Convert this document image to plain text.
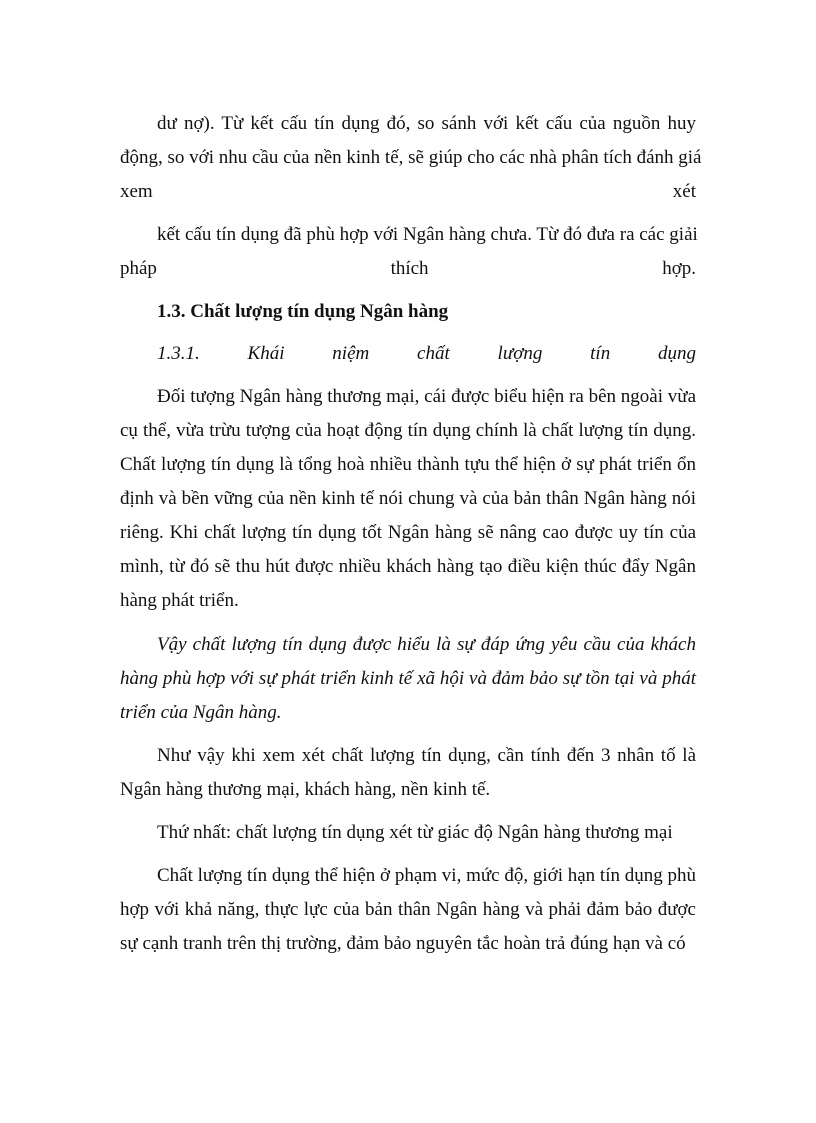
dư nợ). Từ kết cấu tín dụng đó, so sánh với kết cấu của nguồn huy
động, so với nhu cầu của nền kinh tế, sẽ giúp cho các nhà phân tích đánh giá
xem	xét
kết cấu tín dụng đã phù hợp với Ngân hàng chưa. Từ đó đưa ra các giải
pháp	thích	hợp.
1.3. Chất lượng tín dụng Ngân hàng
1.3.1.	Khái	niệm	chất	lượng	tín	dụng
Đối tượng Ngân hàng thương mại, cái được biểu hiện ra bên ngoài vừa
cụ thể, vừa trừu tượng của hoạt động tín dụng chính là chất lượng tín dụng.
Chất lượng tín dụng là tổng hoà nhiều thành tựu thể hiện ở sự phát triển ổn
định và bền vững của nền kinh tế nói chung và của bản thân Ngân hàng nói
riêng. Khi chất lượng tín dụng tốt Ngân hàng sẽ nâng cao được uy tín của
mình, từ đó sẽ thu hút được nhiều khách hàng tạo điều kiện thúc đẩy Ngân
hàng phát triển.
Vậy chất lượng tín dụng được hiểu là sự đáp ứng yêu cầu của khách
hàng phù hợp với sự phát triển kinh tế xã hội và đảm bảo sự tồn tại và phát
triển của Ngân hàng.
Như vậy khi xem xét chất lượng tín dụng, cần tính đến 3 nhân tố là
Ngân hàng thương mại, khách hàng, nền kinh tế.
Thứ nhất: chất lượng tín dụng xét từ giác độ Ngân hàng thương mại
Chất lượng tín dụng thể hiện ở phạm vi, mức độ, giới hạn tín dụng phù
hợp với khả năng, thực lực của bản thân Ngân hàng và phải đảm bảo được
sự cạnh tranh trên thị trường, đảm bảo nguyên tắc hoàn trả đúng hạn và có
